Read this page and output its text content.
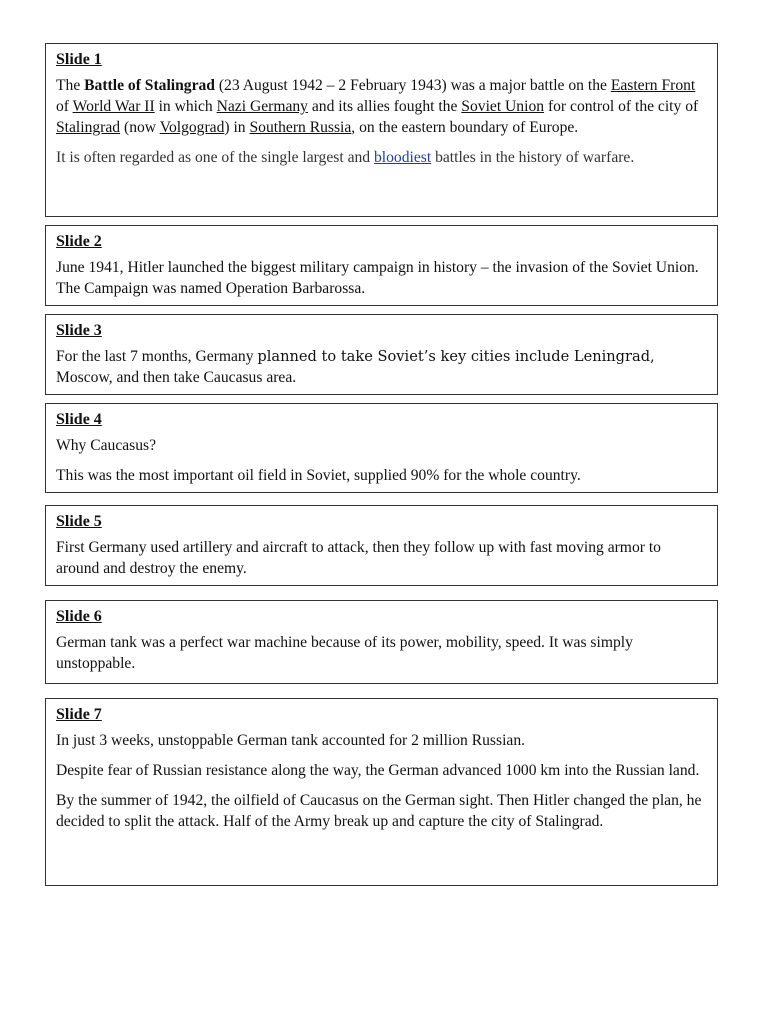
Slide 1
The Battle of Stalingrad (23 August 1942 – 2 February 1943) was a major battle on the Eastern Front of World War II in which Nazi Germany and its allies fought the Soviet Union for control of the city of Stalingrad (now Volgograd) in Southern Russia, on the eastern boundary of Europe.
It is often regarded as one of the single largest and bloodiest battles in the history of warfare.
Slide 2
June 1941, Hitler launched the biggest military campaign in history – the invasion of the Soviet Union. The Campaign was named Operation Barbarossa.
Slide 3
For the last 7 months, Germany planned to take Soviet’s key cities include Leningrad, Moscow, and then take Caucasus area.
Slide 4
Why Caucasus?
This was the most important oil field in Soviet, supplied 90% for the whole country.
Slide 5
First Germany used artillery and aircraft to attack, then they follow up with fast moving armor to around and destroy the enemy.
Slide 6
German tank was a perfect war machine because of its power, mobility, speed. It was simply unstoppable.
Slide 7
In just 3 weeks, unstoppable German tank accounted for 2 million Russian.
Despite fear of Russian resistance along the way, the German advanced 1000 km into the Russian land.
By the summer of 1942, the oilfield of Caucasus on the German sight. Then Hitler changed the plan, he decided to split the attack. Half of the Army break up and capture the city of Stalingrad.
